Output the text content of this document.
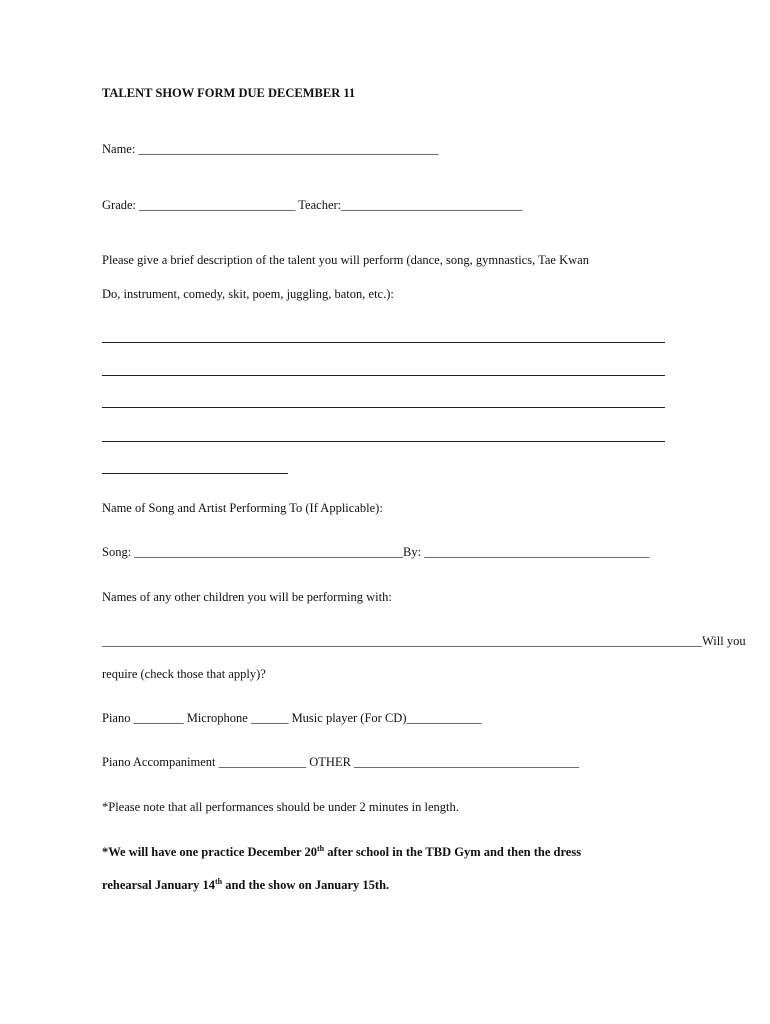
TALENT SHOW FORM DUE DECEMBER 11
Name: ________________________________________________
Grade: _________________________ Teacher:_____________________________
Please give a brief description of the talent you will perform (dance, song, gymnastics, Tae Kwan
Do, instrument, comedy, skit, poem, juggling, baton, etc.):
Name of Song and Artist Performing To (If Applicable):
Song: ___________________________________________By: ____________________________________
Names of any other children you will be performing with:
________________________________________________________________________________________________Will you
require (check those that apply)?
Piano ________ Microphone ______ Music player (For CD)____________
Piano Accompaniment ______________ OTHER ____________________________________
*Please note that all performances should be under 2 minutes in length.
*We will have one practice December 20th after school in the TBD Gym and then the dress
rehearsal January 14th and the show on January 15th.
